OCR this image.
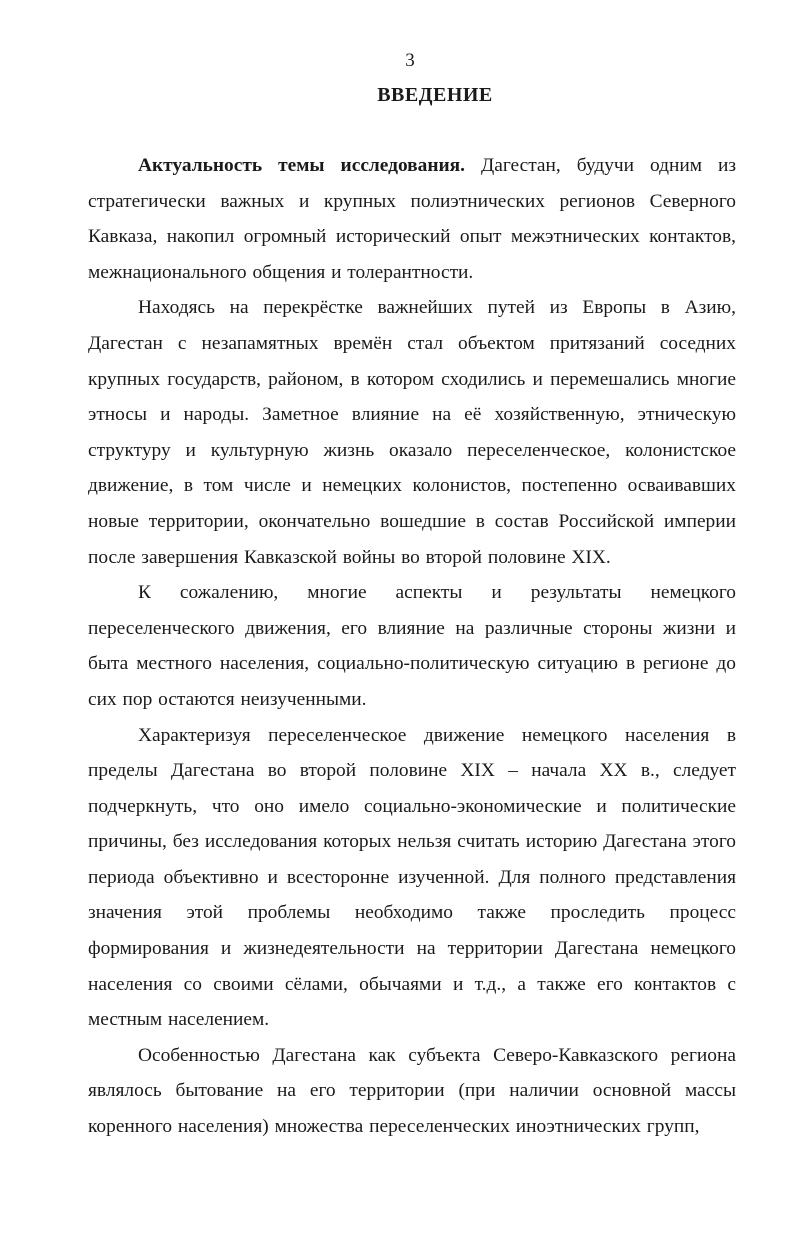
3
ВВЕДЕНИЕ

Актуальность темы исследования. Дагестан, будучи одним из стратегически важных и крупных полиэтнических регионов Северного Кавказа, накопил огромный исторический опыт межэтнических контактов, межнационального общения и толерантности.

Находясь на перекрёстке важнейших путей из Европы в Азию, Дагестан с незапамятных времён стал объектом притязаний соседних крупных государств, районом, в котором сходились и перемешались многие этносы и народы. Заметное влияние на её хозяйственную, этническую структуру и культурную жизнь оказало переселенческое, колонистское движение, в том числе и немецких колонистов, постепенно осваивавших новые территории, окончательно вошедшие в состав Российской империи после завершения Кавказской войны во второй половине XIX.

К сожалению, многие аспекты и результаты немецкого переселенческого движения, его влияние на различные стороны жизни и быта местного населения, социально-политическую ситуацию в регионе до сих пор остаются неизученными.

Характеризуя переселенческое движение немецкого населения в пределы Дагестана во второй половине XIX – начала XX в., следует подчеркнуть, что оно имело социально-экономические и политические причины, без исследования которых нельзя считать историю Дагестана этого периода объективно и всесторонне изученной. Для полного представления значения этой проблемы необходимо также проследить процесс формирования и жизнедеятельности на территории Дагестана немецкого населения со своими сёлами, обычаями и т.д., а также его контактов с местным населением.

Особенностью Дагестана как субъекта Северо-Кавказского региона являлось бытование на его территории (при наличии основной массы коренного населения) множества переселенческих иноэтнических групп,
